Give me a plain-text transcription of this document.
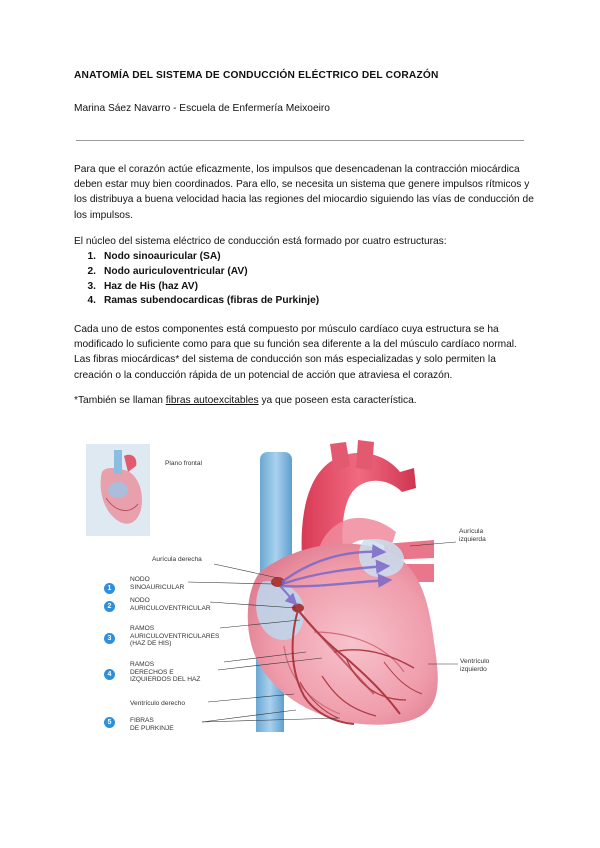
ANATOMÍA DEL SISTEMA DE CONDUCCIÓN ELÉCTRICO DEL CORAZÓN
Marina Sáez Navarro - Escuela de Enfermería Meixoeiro

Para que el corazón actúe eficazmente, los impulsos que desencadenan la contracción miocárdica deben estar muy bien coordinados. Para ello, se necesita un sistema que genere impulsos rítmicos y los distribuya a buena velocidad hacia las regiones del miocardio siguiendo las vías de conducción de los impulsos.

El núcleo del sistema eléctrico de conducción está formado por cuatro estructuras:

1. Nodo sinoauricular (SA)
2. Nodo auriculoventricular (AV)
3. Haz de His (haz AV)
4. Ramas subendocardicas (fibras de Purkinje)

Cada uno de estos componentes está compuesto por músculo cardíaco cuya estructura se ha modificado lo suficiente como para que su función sea diferente a la del músculo cardíaco normal. Las fibras miocárdicas* del sistema de conducción son más especializadas y solo permiten la creación o la conducción rápida de un potencial de acción que atraviesa el corazón.

*También se llaman fibras autoexcitables ya que poseen esta característica.
Plano frontal
Aurícula derecha
Aurícula
izquierda
Ventrículo
izquierdo
Ventrículo derecho
1
NODO
SINOAURICULAR
2
NODO
AURICULOVENTRICULAR
3
RAMOS
AURICULOVENTRICULARES
(HAZ DE HIS)
4
RAMOS
DERECHOS E
IZQUIERDOS DEL HAZ
5	FIBRAS
DE PURKINJE
